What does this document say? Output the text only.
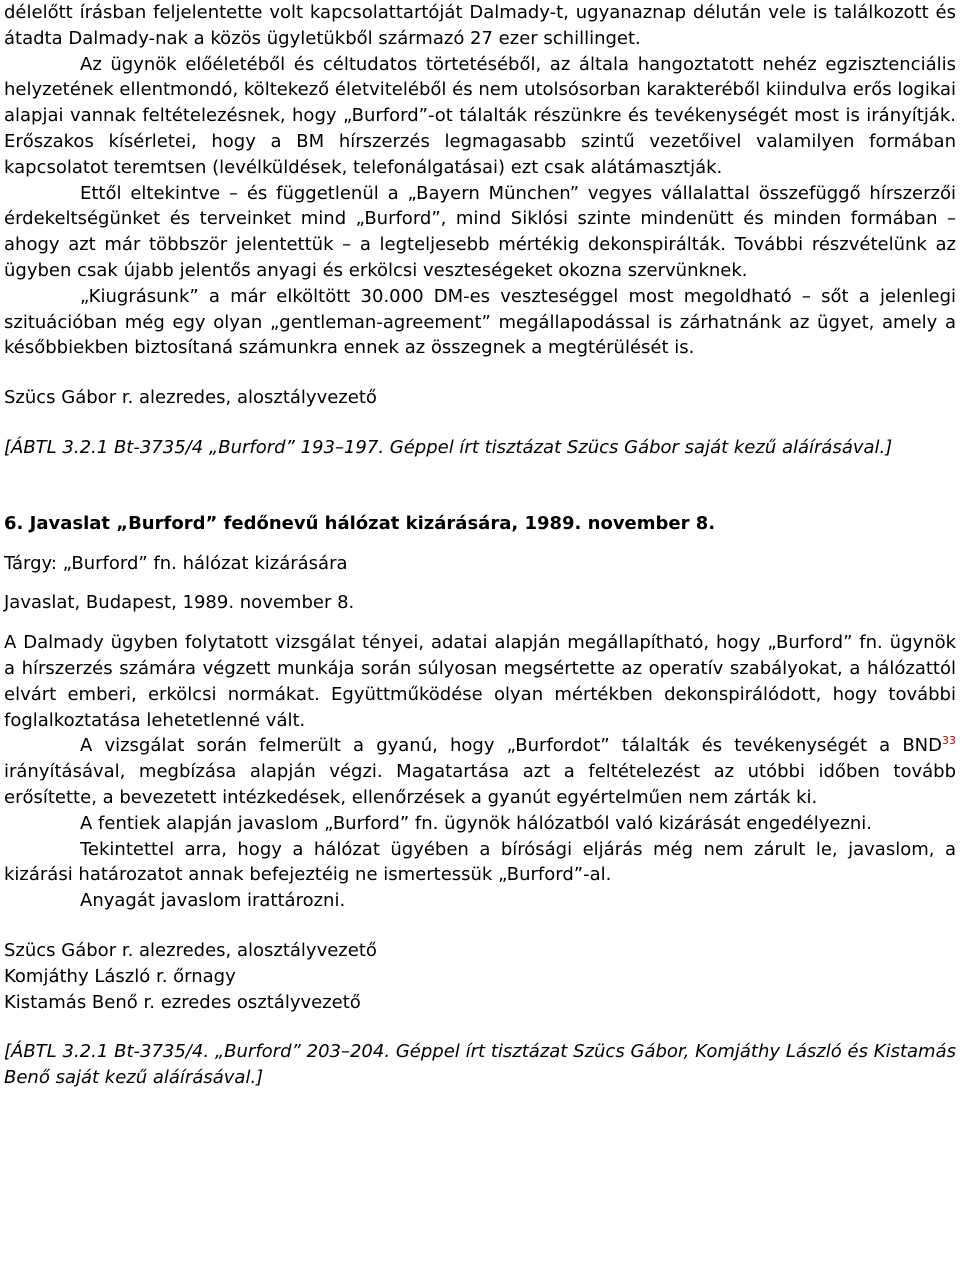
délelőtt írásban feljelentette volt kapcsolattartóját Dalmady-t, ugyanaznap délután vele is találkozott és átadta Dalmady-nak a közös ügyletükből származó 27 ezer schillinget.

Az ügynök előéletéből és céltudatos törtetéséből, az általa hangoztatott nehéz egzisztenciális helyzetének ellentmondó, költekező életviteléből és nem utolsósorban karakteréből kiindulva erős logikai alapjai vannak feltételezésnek, hogy „Burford”-ot tálalták részünkre és tevékenységét most is irányítják. Erőszakos kísérletei, hogy a BM hírszerzés legmagasabb szintű vezetőivel valamilyen formában kapcsolatot teremtsen (levélküldések, telefonálgatásai) ezt csak alátámasztják.

Ettől eltekintve – és függetlenül a „Bayern München” vegyes vállalattal összefüggő hírszerzői érdekeltségünket és terveinket mind „Burford”, mind Siklósi szinte mindenütt és minden formában – ahogy azt már többször jelentettük – a legteljesebb mértékig dekonspirálták. További részvételünk az ügyben csak újabb jelentős anyagi és erkölcsi veszteségeket okozna szervünknek.

„Kiugrásunk” a már elköltött 30.000 DM-es veszteséggel most megoldható – sőt a jelenlegi szituációban még egy olyan „gentleman-agreement” megállapodással is zárhatnánk az ügyet, amely a későbbiekben biztosítaná számunkra ennek az összegnek a megtérülését is.

Szücs Gábor r. alezredes, alosztályvezető

[ÁBTL 3.2.1 Bt-3735/4 „Burford” 193–197. Géppel írt tisztázat Szücs Gábor saját kezű aláírásával.]

6. Javaslat „Burford” fedőnevű hálózat kizárására, 1989. november 8.

Tárgy: „Burford” fn. hálózat kizárására

Javaslat, Budapest, 1989. november 8.

A Dalmady ügyben folytatott vizsgálat tényei, adatai alapján megállapítható, hogy „Burford” fn. ügynök a hírszerzés számára végzett munkája során súlyosan megsértette az operatív szabályokat, a hálózattól elvárt emberi, erkölcsi normákat. Együttműködése olyan mértékben dekonspirálódott, hogy további foglalkoztatása lehetetlenné vált.

A vizsgálat során felmerült a gyanú, hogy „Burfordot” tálalták és tevékenységét a BND$^{33}$ irányításával, megbízása alapján végzi. Magatartása azt a feltételezést az utóbbi időben tovább erősítette, a bevezetett intézkedések, ellenőrzések a gyanút egyértelműen nem zárták ki.

A fentiek alapján javaslom „Burford” fn. ügynök hálózatból való kizárását engedélyezni.

Tekintettel arra, hogy a hálózat ügyében a bírósági eljárás még nem zárult le, javaslom, a kizárási határozatot annak befejeztéig ne ismertessük „Burford”-al.

Anyagát javaslom irattározni.

Szücs Gábor r. alezredes, alosztályvezető
Komjáthy László r. őrnagy
Kistamás Benő r. ezredes osztályvezető

[ÁBTL 3.2.1 Bt-3735/4. „Burford” 203–204. Géppel írt tisztázat Szücs Gábor, Komjáthy László és Kistamás Benő saját kezű aláírásával.]
